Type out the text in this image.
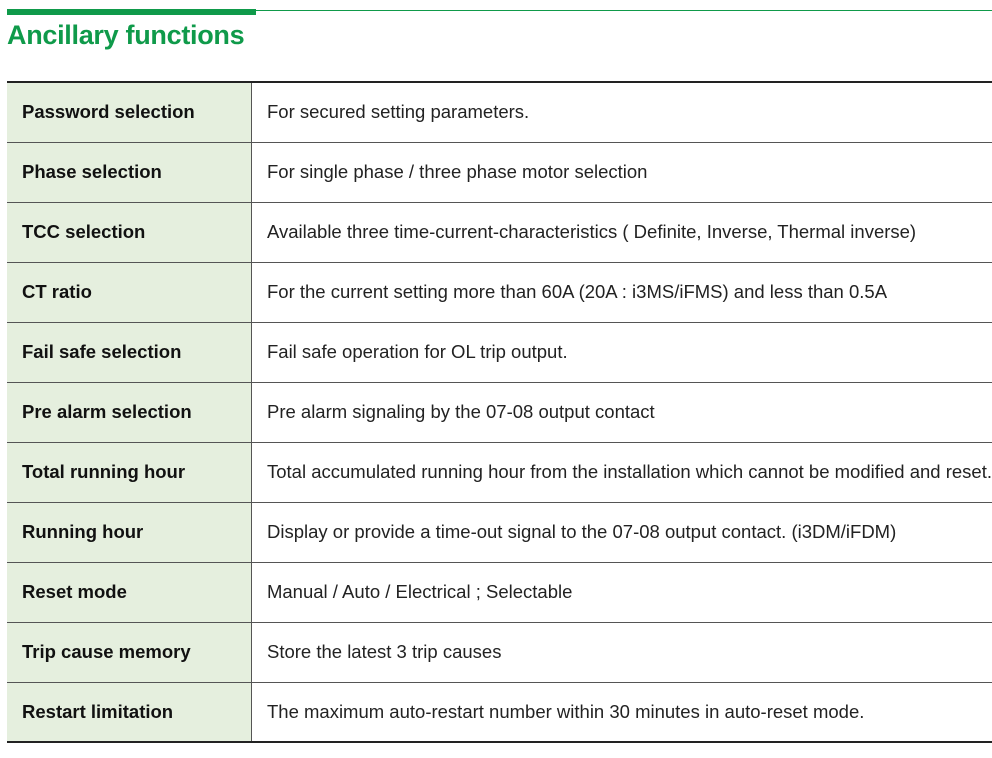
Ancillary functions
Password selection	For secured setting parameters.
Phase selection	For single phase / three phase motor selection
TCC selection	Available three time-current-characteristics ( Definite, Inverse, Thermal inverse)
CT ratio	For the current setting more than 60A (20A : i3MS/iFMS) and less than 0.5A
Fail safe selection	Fail safe operation for OL trip output.
Pre alarm selection	Pre alarm signaling by the 07-08 output contact
Total running hour	Total accumulated running hour from the installation which cannot be modified and reset.
Running hour	Display or provide a time-out signal to the 07-08 output contact. (i3DM/iFDM)
Reset mode	Manual / Auto / Electrical ; Selectable
Trip cause memory	Store the latest 3 trip causes
Restart limitation	The maximum auto-restart number within 30 minutes in auto-reset mode.
